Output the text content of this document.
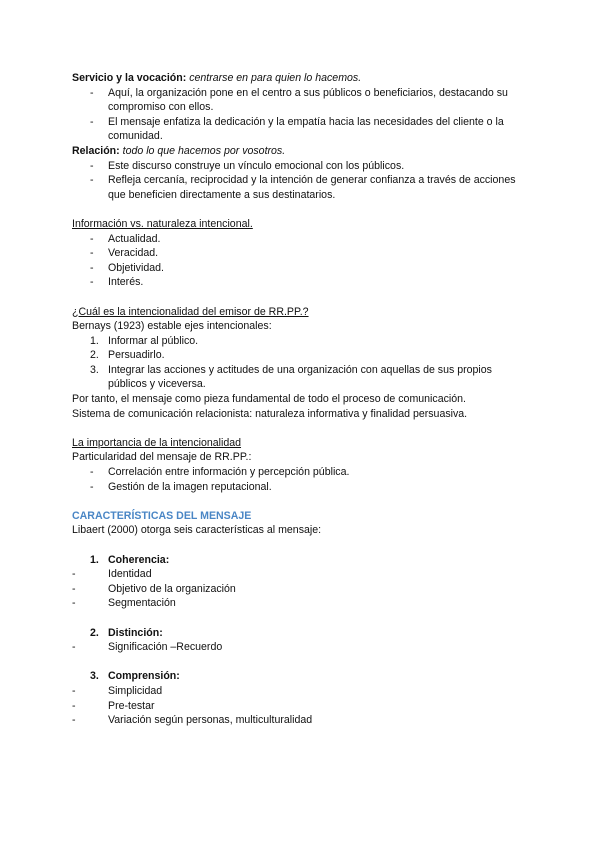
Servicio y la vocación: centrarse en para quien lo hacemos.

- Aquí, la organización pone en el centro a sus públicos o beneficiarios, destacando su compromiso con ellos.
- El mensaje enfatiza la dedicación y la empatía hacia las necesidades del cliente o la comunidad.

Relación: todo lo que hacemos por vosotros.

- Este discurso construye un vínculo emocional con los públicos.
- Refleja cercanía, reciprocidad y la intención de generar confianza a través de acciones que beneficien directamente a sus destinatarios.

Información vs. naturaleza intencional.

- Actualidad.
- Veracidad.
- Objetividad.
- Interés.

¿Cuál es la intencionalidad del emisor de RR.PP.?

Bernays (1923) estable ejes intencionales:

1. Informar al público.
2. Persuadirlo.
3. Integrar las acciones y actitudes de una organización con aquellas de sus propios públicos y viceversa.

Por tanto, el mensaje como pieza fundamental de todo el proceso de comunicación.

Sistema de comunicación relacionista: naturaleza informativa y finalidad persuasiva.

La importancia de la intencionalidad

Particularidad del mensaje de RR.PP.:

- Correlación entre información y percepción pública.
- Gestión de la imagen reputacional.

CARACTERÍSTICAS DEL MENSAJE

Libaert (2000) otorga seis características al mensaje:

1. Coherencia:

-	Identidad
-	Objetivo de la organización
-	Segmentación

2. Distinción:

-	Significación –Recuerdo

3. Comprensión:

-	Simplicidad
-	Pre-testar
-	Variación según personas, multiculturalidad
